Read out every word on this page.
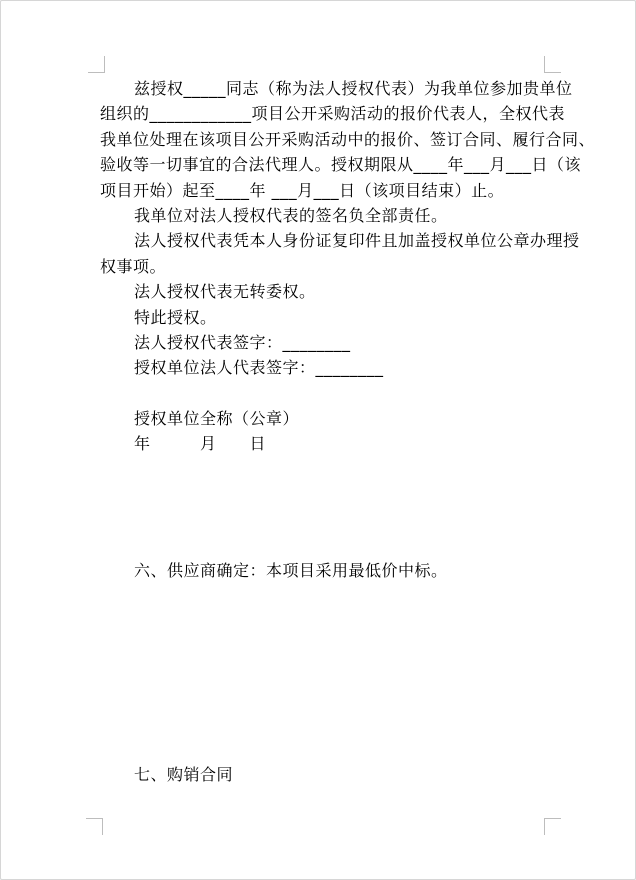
兹授权_____同志（称为法人授权代表）为我单位参加贵单位
组织的____________项目公开采购活动的报价代表人，全权代表
我单位处理在该项目公开采购活动中的报价、签订合同、履行合同、
验收等一切事宜的合法代理人。授权期限从____年___月___日（该
项目开始）起至____年 ___月___日（该项目结束）止。
我单位对法人授权代表的签名负全部责任。
法人授权代表凭本人身份证复印件且加盖授权单位公章办理授
权事项。
法人授权代表无转委权。
特此授权。
法人授权代表签字：________
授权单位法人代表签字：________

授权单位全称（公章）
年　　　月　　日

六、供应商确定：本项目采用最低价中标。

七、购销合同
